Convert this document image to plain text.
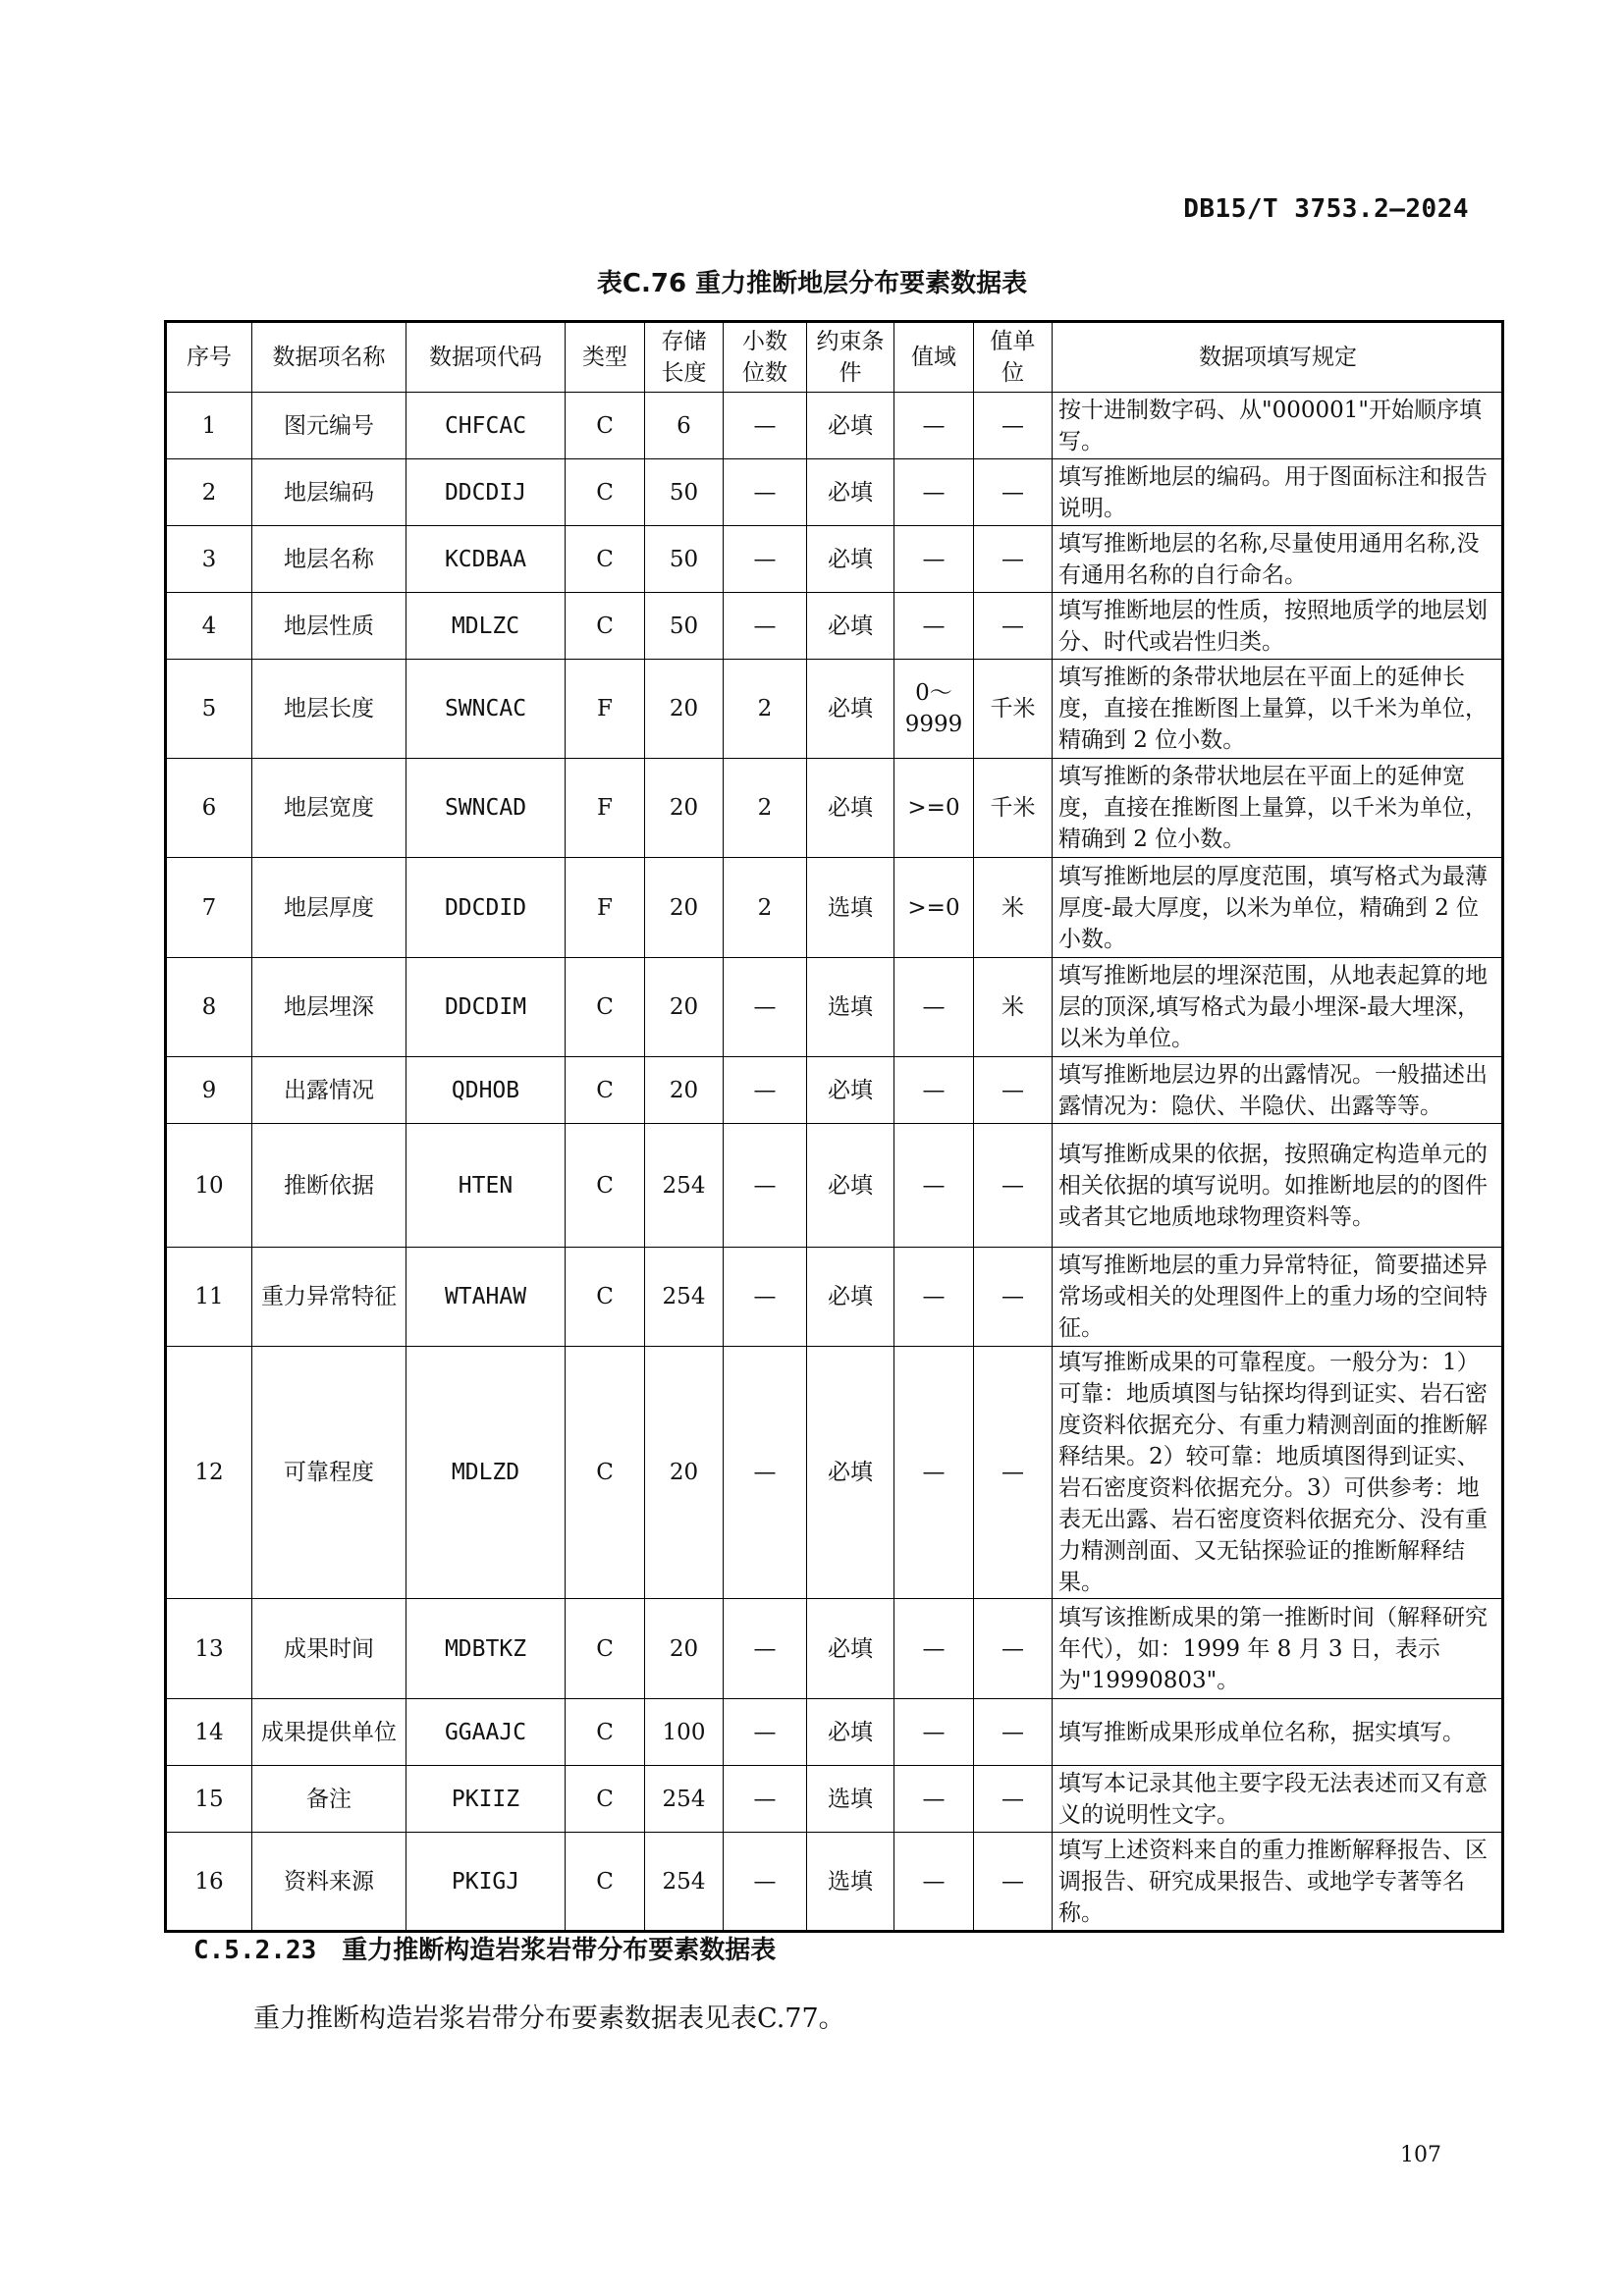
DB15/T 3753.2—2024
表C.76 重力推断地层分布要素数据表
序号	数据项名称	数据项代码	类型	存储长度	小数位数	约束条件	值域	值单位	数据项填写规定
1	图元编号	CHFCAC	C	6	—	必填	—	—	按十进制数字码、从"000001"开始顺序填写。
2	地层编码	DDCDIJ	C	50	—	必填	—	—	填写推断地层的编码。用于图面标注和报告说明。
3	地层名称	KCDBAA	C	50	—	必填	—	—	填写推断地层的名称,尽量使用通用名称,没有通用名称的自行命名。
4	地层性质	MDLZC	C	50	—	必填	—	—	填写推断地层的性质，按照地质学的地层划分、时代或岩性归类。
5	地层长度	SWNCAC	F	20	2	必填	0～9999	千米	填写推断的条带状地层在平面上的延伸长度，直接在推断图上量算，以千米为单位，精确到 2 位小数。
6	地层宽度	SWNCAD	F	20	2	必填	>=0	千米	填写推断的条带状地层在平面上的延伸宽度，直接在推断图上量算，以千米为单位，精确到 2 位小数。
7	地层厚度	DDCDID	F	20	2	选填	>=0	米	填写推断地层的厚度范围，填写格式为最薄厚度-最大厚度，以米为单位，精确到 2 位小数。
8	地层埋深	DDCDIM	C	20	—	选填	—	米	填写推断地层的埋深范围，从地表起算的地层的顶深,填写格式为最小埋深-最大埋深，以米为单位。
9	出露情况	QDHOB	C	20	—	必填	—	—	填写推断地层边界的出露情况。一般描述出露情况为：隐伏、半隐伏、出露等等。
10	推断依据	HTEN	C	254	—	必填	—	—	填写推断成果的依据，按照确定构造单元的相关依据的填写说明。如推断地层的的图件或者其它地质地球物理资料等。
11	重力异常特征	WTAHAW	C	254	—	必填	—	—	填写推断地层的重力异常特征，简要描述异常场或相关的处理图件上的重力场的空间特征。
12	可靠程度	MDLZD	C	20	—	必填	—	—	填写推断成果的可靠程度。一般分为：1）可靠：地质填图与钻探均得到证实、岩石密度资料依据充分、有重力精测剖面的推断解释结果。2）较可靠：地质填图得到证实、岩石密度资料依据充分。3）可供参考：地表无出露、岩石密度资料依据充分、没有重力精测剖面、又无钻探验证的推断解释结果。
13	成果时间	MDBTKZ	C	20	—	必填	—	—	填写该推断成果的第一推断时间（解释研究年代），如：1999 年 8 月 3 日，表示为"19990803"。
14	成果提供单位	GGAAJC	C	100	—	必填	—	—	填写推断成果形成单位名称，据实填写。
15	备注	PKIIZ	C	254	—	选填	—	—	填写本记录其他主要字段无法表述而又有意义的说明性文字。
16	资料来源	PKIGJ	C	254	—	选填	—	—	填写上述资料来自的重力推断解释报告、区调报告、研究成果报告、或地学专著等名称。
C.5.2.23 重力推断构造岩浆岩带分布要素数据表
重力推断构造岩浆岩带分布要素数据表见表C.77。
107
